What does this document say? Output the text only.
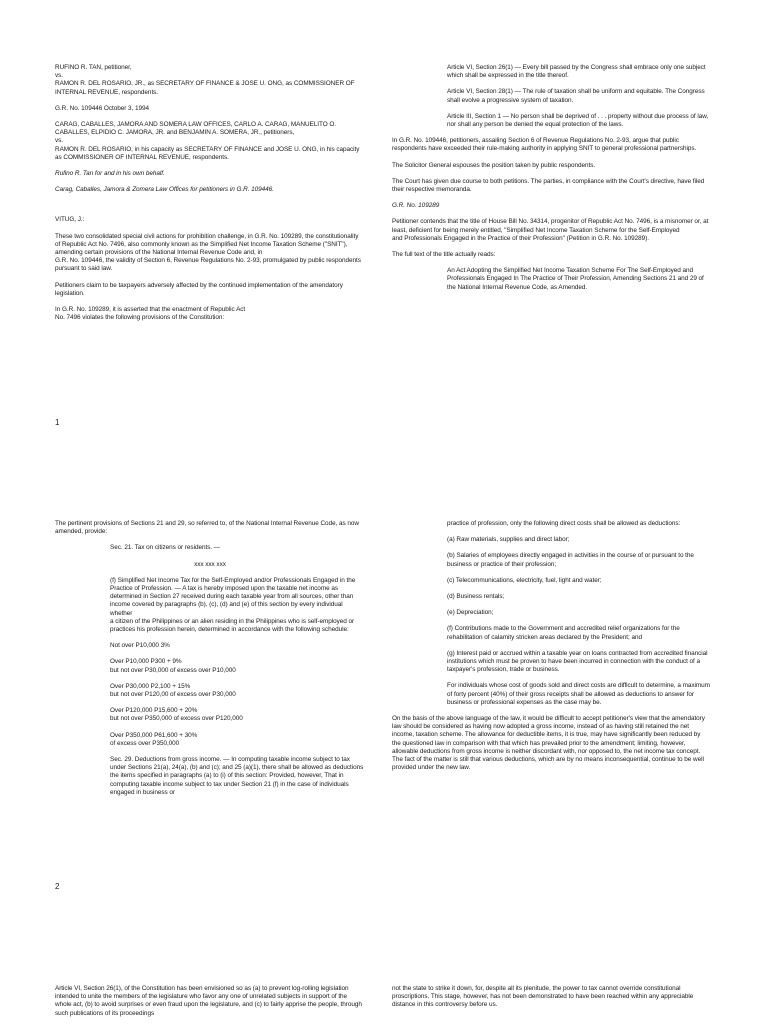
RUFINO R. TAN, petitioner,
vs.
RAMON R. DEL ROSARIO, JR., as SECRETARY OF FINANCE & JOSE U. ONG, as COMMISSIONER OF INTERNAL REVENUE, respondents.

G.R. No. 109446 October 3, 1994

CARAG, CABALLES, JAMORA AND SOMERA LAW OFFICES, CARLO A. CARAG, MANUELITO O. CABALLES, ELPIDIO C. JAMORA, JR. and BENJAMIN A. SOMERA, JR., petitioners,
vs.
RAMON R. DEL ROSARIO, in his capacity as SECRETARY OF FINANCE and JOSE U. ONG, in his capacity as COMMISSIONER OF INTERNAL REVENUE, respondents.

Rufino R. Tan for and in his own behalf.

Carag, Caballes, Jamora & Zomera Law Offices for petitioners in G.R. 109446.

VITUG, J.:

These two consolidated special civil actions for prohibition challenge, in G.R. No. 109289, the constitutionality of Republic Act No. 7496, also commonly known as the Simplified Net Income Taxation Scheme ("SNIT"), amending certain provisions of the National Internal Revenue Code and, in
G.R. No. 109446, the validity of Section 6, Revenue Regulations No. 2-93, promulgated by public respondents pursuant to said law.

Petitioners claim to be taxpayers adversely affected by the continued implementation of the amendatory legislation.

In G.R. No. 109289, it is asserted that the enactment of Republic Act
No. 7496 violates the following provisions of the Constitution:

Article VI, Section 26(1) — Every bill passed by the Congress shall embrace only one subject which shall be expressed in the title thereof.

Article VI, Section 28(1) — The rule of taxation shall be uniform and equitable. The Congress shall evolve a progressive system of taxation.

Article III, Section 1 — No person shall be deprived of . . . property without due process of law, nor shall any person be denied the equal protection of the laws.

In G.R. No. 109446, petitioners, assailing Section 6 of Revenue Regulations No. 2-93, argue that public respondents have exceeded their rule-making authority in applying SNIT to general professional partnerships.

The Solicitor General espouses the position taken by public respondents.

The Court has given due course to both petitions. The parties, in compliance with the Court's directive, have filed their respective memoranda.

G.R. No. 109289

Petitioner contends that the title of House Bill No. 34314, progenitor of Republic Act No. 7496, is a misnomer or, at least, deficient for being merely entitled, "Simplified Net Income Taxation Scheme for the Self-Employed
and Professionals Engaged in the Practice of their Profession" (Petition in G.R. No. 109289).

The full text of the title actually reads:

An Act Adopting the Simplified Net Income Taxation Scheme For The Self-Employed and Professionals Engaged In The Practice of Their Profession, Amending Sections 21 and 29 of the National Internal Revenue Code, as Amended.

1

The pertinent provisions of Sections 21 and 29, so referred to, of the National Internal Revenue Code, as now amended, provide:

Sec. 21. Tax on citizens or residents. —

xxx xxx xxx

(f) Simplified Net Income Tax for the Self-Employed and/or Professionals Engaged in the Practice of Profession. — A tax is hereby imposed upon the taxable net income as determined in Section 27 received during each taxable year from all sources, other than income covered by paragraphs (b), (c), (d) and (e) of this section by every individual whether
a citizen of the Philippines or an alien residing in the Philippines who is self-employed or practices his profession herein, determined in accordance with the following schedule:

Not over P10,000 3%

Over P10,000 P300 + 9%
but not over P30,000 of excess over P10,000

Over P30,000 P2,100 + 15%
but not over P120,00 of excess over P30,000

Over P120,000 P15,600 + 20%
but not over P350,000 of excess over P120,000

Over P350,000 P61,600 + 30%
of excess over P350,000

Sec. 29. Deductions from gross income. — In computing taxable income subject to tax under Sections 21(a), 24(a), (b) and (c); and 25 (a)(1), there shall be allowed as deductions the items specified in paragraphs (a) to (i) of this section: Provided, however, That in computing taxable income subject to tax under Section 21 (f) in the case of individuals engaged in business or

practice of profession, only the following direct costs shall be allowed as deductions:

(a) Raw materials, supplies and direct labor;

(b) Salaries of employees directly engaged in activities in the course of or pursuant to the business or practice of their profession;

(c) Telecommunications, electricity, fuel, light and water;

(d) Business rentals;

(e) Depreciation;

(f) Contributions made to the Government and accredited relief organizations for the rehabilitation of calamity stricken areas declared by the President; and

(g) Interest paid or accrued within a taxable year on loans contracted from accredited financial institutions which must be proven to have been incurred in connection with the conduct of a taxpayer's profession, trade or business.

For individuals whose cost of goods sold and direct costs are difficult to determine, a maximum of forty percent (40%) of their gross receipts shall be allowed as deductions to answer for business or professional expenses as the case may be.

On the basis of the above language of the law, it would be difficult to accept petitioner's view that the amendatory law should be considered as having now adopted a gross income, instead of as having still retained the net income, taxation scheme. The allowance for deductible items, it is true, may have significantly been reduced by the questioned law in comparison with that which has prevailed prior to the amendment; limiting, however, allowable deductions from gross income is neither discordant with, nor opposed to, the net income tax concept. The fact of the matter is still that various deductions, which are by no means inconsequential, continue to be well provided under the new law.

2

Article VI, Section 26(1), of the Constitution has been envisioned so as (a) to prevent log-rolling legislation intended to unite the members of the legislature who favor any one of unrelated subjects in support of the whole act, (b) to avoid surprises or even fraud upon the legislature, and (c) to fairly apprise the people, through such publications of its proceedings

not the state to strike it down, for, despite all its plenitude, the power to tax cannot override constitutional proscriptions. This stage, however, has not been demonstrated to have been reached within any appreciable distance in this controversy before us.
